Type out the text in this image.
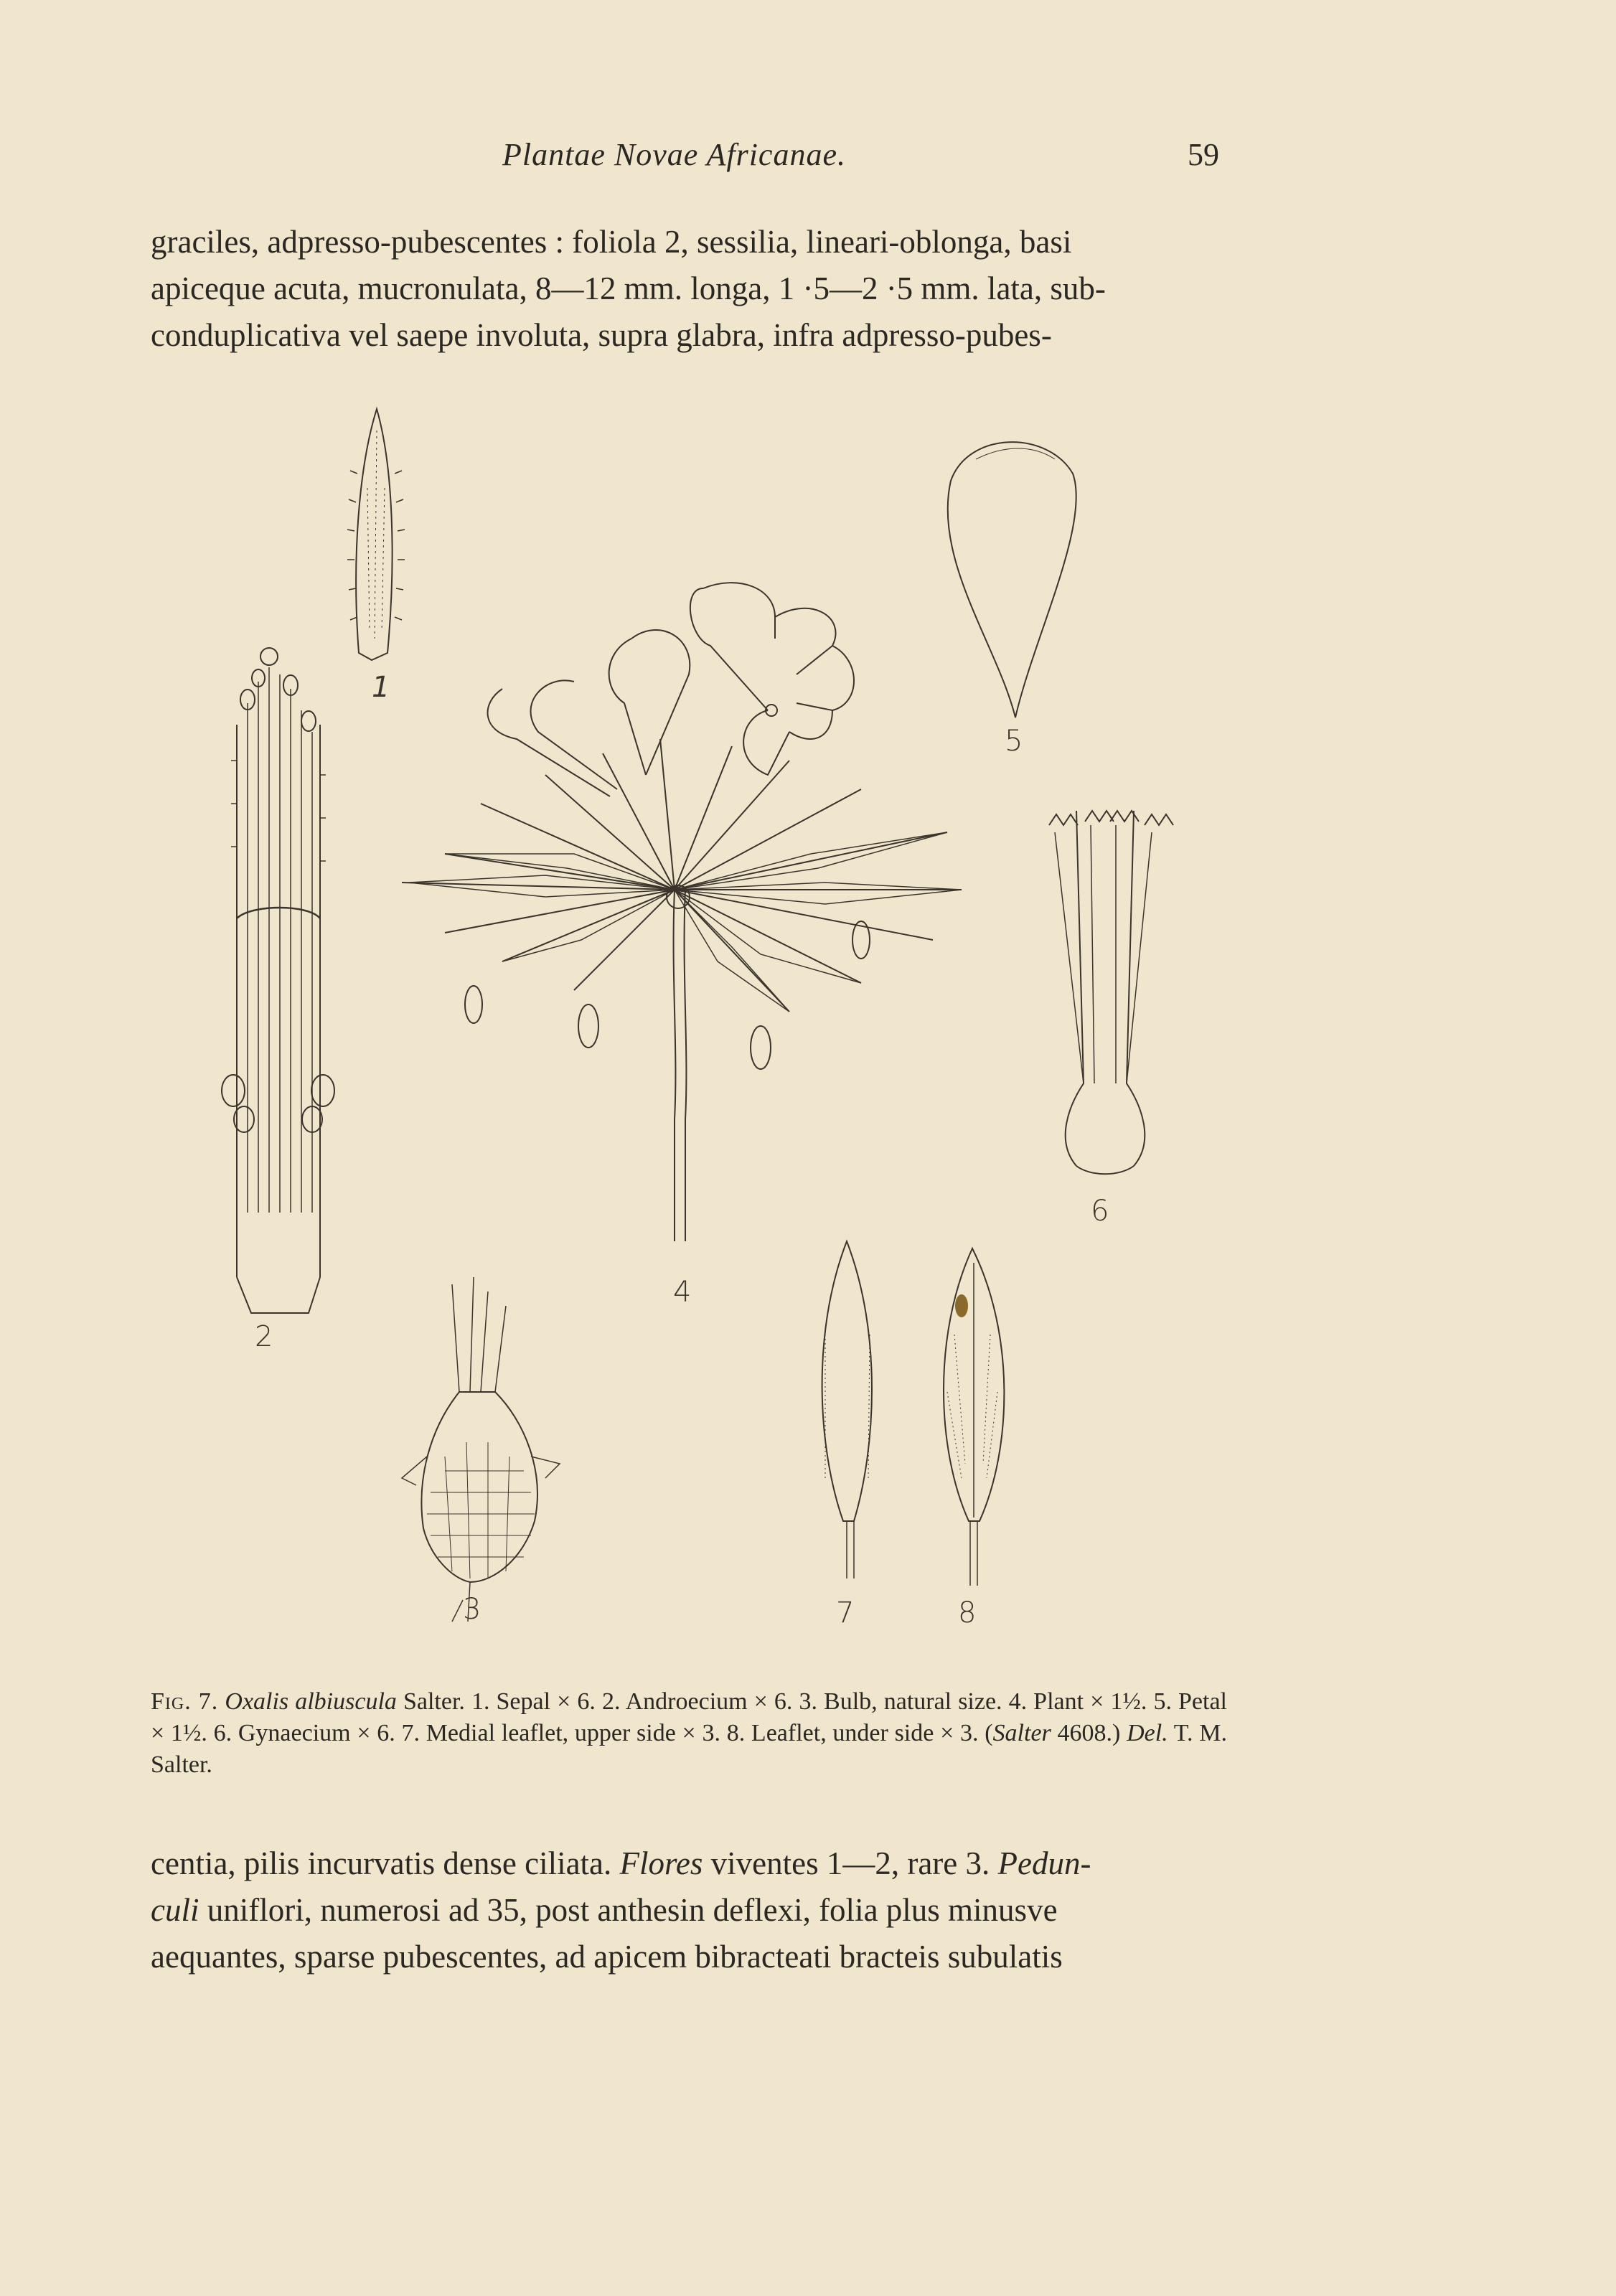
Plantae Novae Africanae.	59

graciles, adpresso-pubescentes : foliola 2, sessilia, lineari-oblonga, basi

apiceque acuta, mucronulata, 8—12 mm. longa, 1 ·5—2 ·5 mm. lata, sub-

conduplicativa vel saepe involuta, supra glabra, infra adpresso-pubes-

1
2
3
4
5
6
7	8
Fig. 7. Oxalis albiuscula Salter. 1. Sepal × 6. 2. Androecium × 6. 3. Bulb, natural size. 4. Plant × 1½. 5. Petal × 1½. 6. Gynaecium × 6. 7. Medial leaflet, upper side × 3. 8. Leaflet, under side × 3. (Salter 4608.) Del. T. M. Salter.

centia, pilis incurvatis dense ciliata. Flores viventes 1—2, rare 3. Pedun-

culi uniflori, numerosi ad 35, post anthesin deflexi, folia plus minusve

aequantes, sparse pubescentes, ad apicem bibracteati bracteis subulatis
